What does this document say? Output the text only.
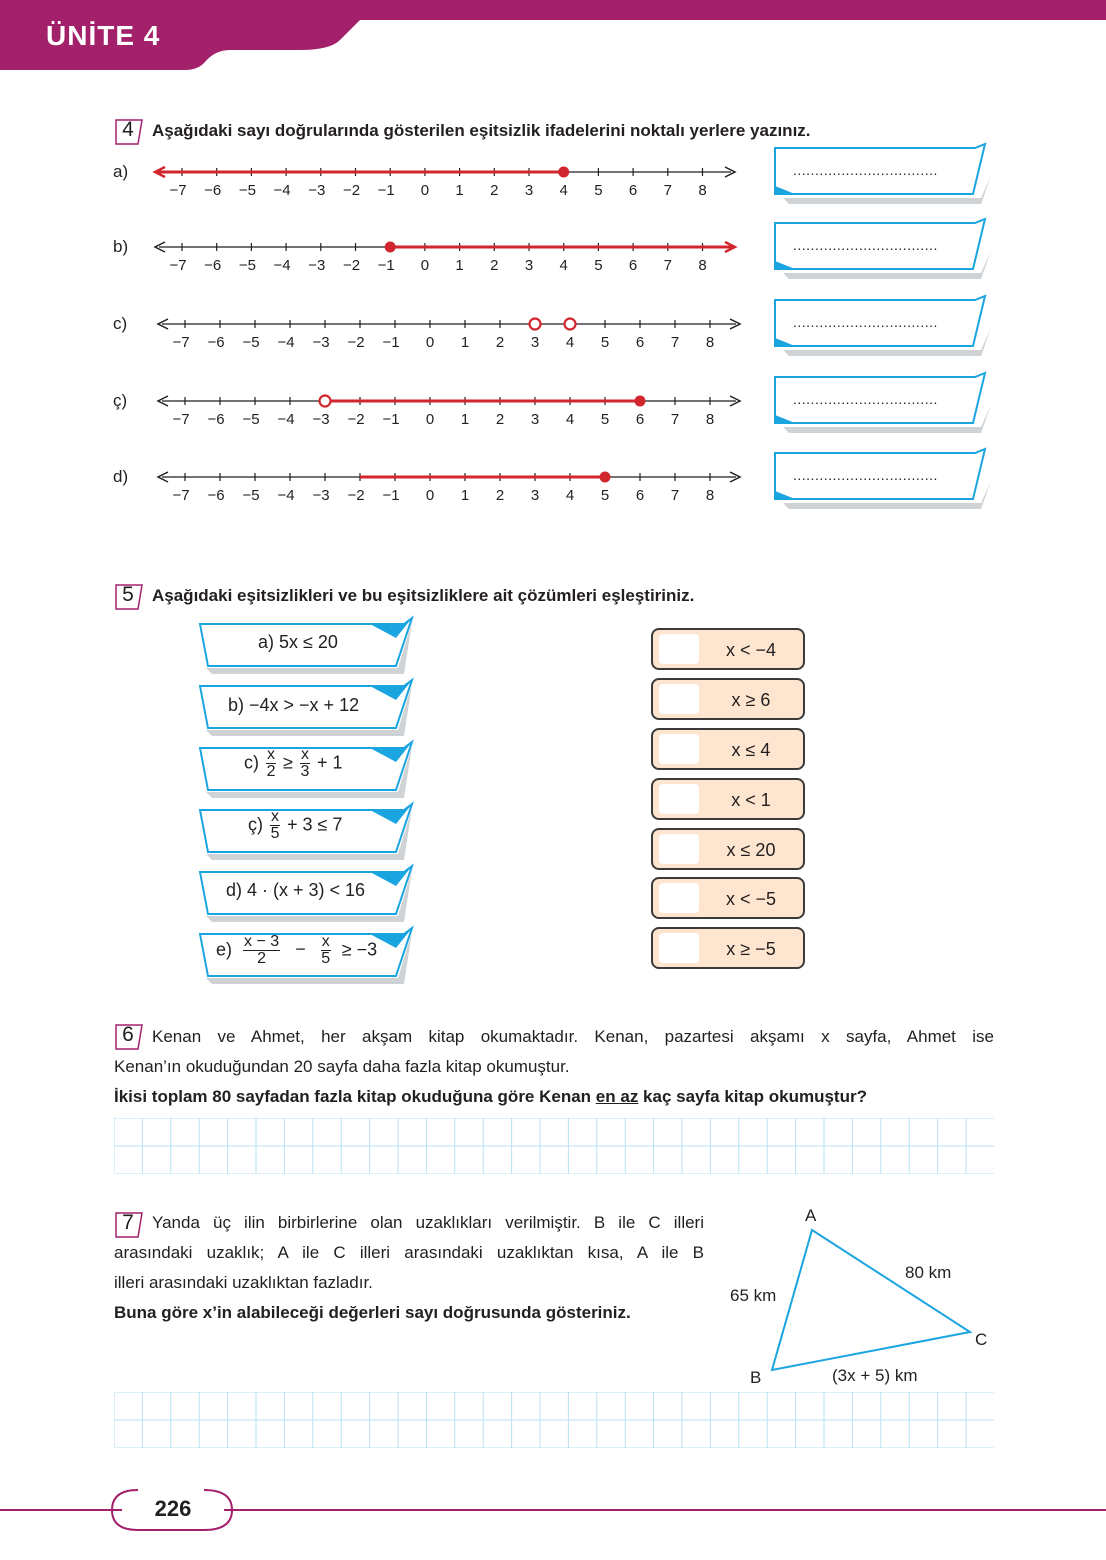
ÜNİTE 4
4	Aşağıdaki sayı doğrularında gösterilen eşitsizlik ifadelerini noktalı yerlere yazınız.
−7 −6 −5 −4 −3 −2 −1	0	1	2	3	4	5	6	7	8
a)	.................................
−7 −6 −5 −4 −3 −2 −1	0	1	2	3	4	5	6	7	8
b)	.................................
−7 −6 −5 −4 −3 −2 −1	0	1	2	3	4	5	6	7	8
c)	.................................
−7 −6 −5 −4 −3 −2 −1	0	1	2	3	4	5	6	7	8
ç)	.................................
−7 −6 −5 −4 −3 −2 −1	0	1	2	3	4	5	6	7	8
d)	.................................
5	Aşağıdaki eşitsizlikleri ve bu eşitsizliklere ait çözümleri eşleştiriniz.
a) 5x ≤ 20
b) −4x > −x + 12
$c) \frac{x}{2} \ge \frac{x}{3} + 1$
ç) $\frac{x}{5} + 3 \le 7$
d) 4 · (x + 3) < 16
$e) \frac{x - 3}{2} - \frac{x}{5} \ge -3$
x < −4
x ≥ 6
x ≤ 4
x < 1
x ≤ 20
x < −5
x ≥ −5
6	Kenan ve Ahmet, her akşam kitap okumaktadır. Kenan, pazartesi akşamı x sayfa, Ahmet ise
Kenan’ın okuduğundan 20 sayfa daha fazla kitap okumuştur.
İkisi toplam 80 sayfadan fazla kitap okuduğuna göre Kenan en az kaç sayfa kitap okumuştur?
7	Yanda üç ilin birbirlerine olan uzaklıkları verilmiştir. B ile C illeri
arasındaki uzaklık; A ile C illeri arasındaki uzaklıktan kısa, A ile B
illeri arasındaki uzaklıktan fazladır.
Buna göre x’in alabileceği değerleri sayı doğrusunda gösteriniz.
A
C
B
65 km
80 km
(3x + 5) km
226
